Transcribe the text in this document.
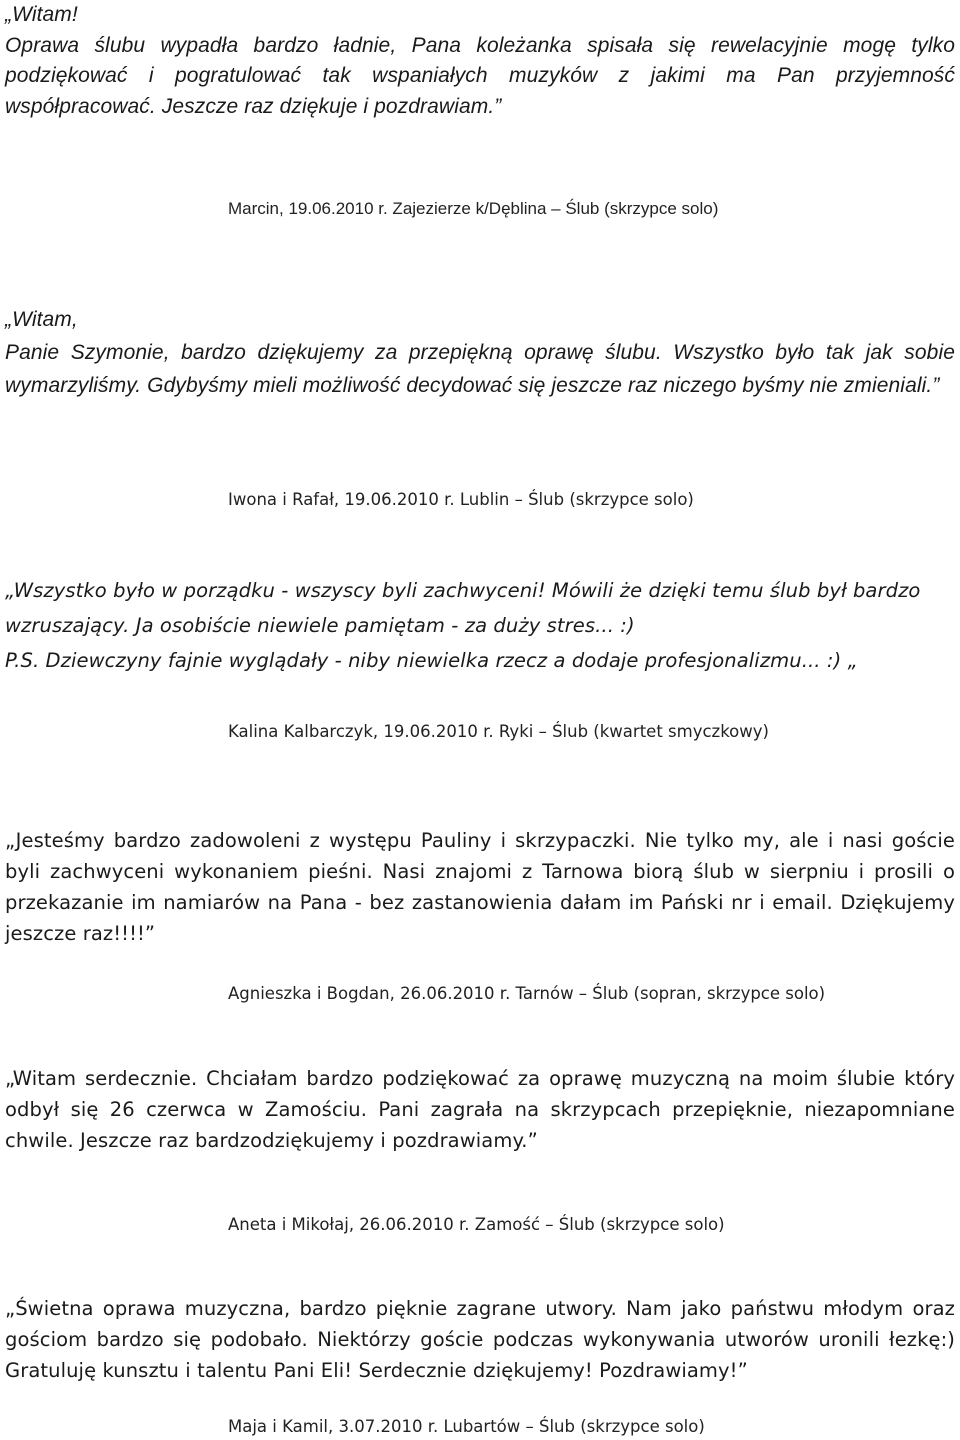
„Witam!
Oprawa ślubu wypadła bardzo ładnie, Pana koleżanka spisała się rewelacyjnie mogę tylko podziękować i pogratulować tak wspaniałych muzyków z jakimi ma Pan przyjemność współpracować. Jeszcze raz dziękuje i pozdrawiam.”

Marcin, 19.06.2010 r. Zajezierze k/Dęblina – Ślub (skrzypce solo)

„Witam,
Panie Szymonie, bardzo dziękujemy za przepiękną oprawę ślubu. Wszystko było tak jak sobie wymarzyliśmy. Gdybyśmy mieli możliwość decydować się jeszcze raz niczego byśmy nie zmieniali.”

Iwona i Rafał, 19.06.2010 r. Lublin – Ślub (skrzypce solo)

„Wszystko było w porządku - wszyscy byli zachwyceni! Mówili że dzięki temu ślub był bardzo wzruszający. Ja osobiście niewiele pamiętam - za duży stres... :)
P.S. Dziewczyny fajnie wyglądały - niby niewielka rzecz a dodaje profesjonalizmu... :) „

Kalina Kalbarczyk, 19.06.2010 r. Ryki – Ślub (kwartet smyczkowy)

„Jesteśmy bardzo zadowoleni z występu Pauliny i skrzypaczki. Nie tylko my, ale i nasi goście byli zachwyceni wykonaniem pieśni. Nasi znajomi z Tarnowa biorą ślub w sierpniu i prosili o przekazanie im namiarów na Pana - bez zastanowienia dałam im Pański nr i email. Dziękujemy jeszcze raz!!!!”

Agnieszka i Bogdan, 26.06.2010 r. Tarnów – Ślub (sopran, skrzypce solo)

„Witam serdecznie. Chciałam bardzo podziękować za oprawę muzyczną na moim ślubie który odbył się 26 czerwca w Zamościu. Pani zagrała na skrzypcach przepięknie, niezapomniane chwile. Jeszcze raz bardzodziękujemy i pozdrawiamy.”

Aneta i Mikołaj, 26.06.2010 r. Zamość – Ślub (skrzypce solo)

„Świetna oprawa muzyczna, bardzo pięknie zagrane utwory. Nam jako państwu młodym oraz gościom bardzo się podobało. Niektórzy goście podczas wykonywania utworów uronili łezkę:) Gratuluję kunsztu i talentu Pani Eli! Serdecznie dziękujemy! Pozdrawiamy!”

Maja i Kamil, 3.07.2010 r. Lubartów – Ślub (skrzypce solo)
